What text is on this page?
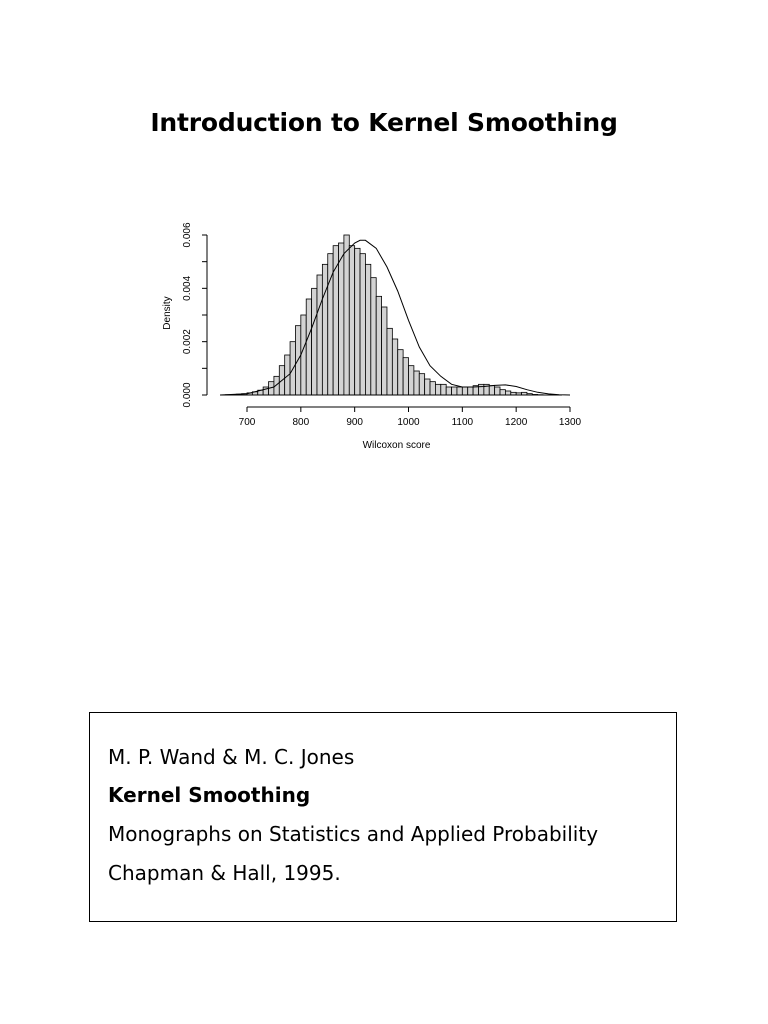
Introduction to Kernel Smoothing
700	800	900	1000	1100	1200	1300
0.000
0.002
0.004
0.006
Wilcoxon score
Density
M. P. Wand & M. C. Jones
Kernel Smoothing
Monographs on Statistics and Applied Probability
Chapman & Hall, 1995.
